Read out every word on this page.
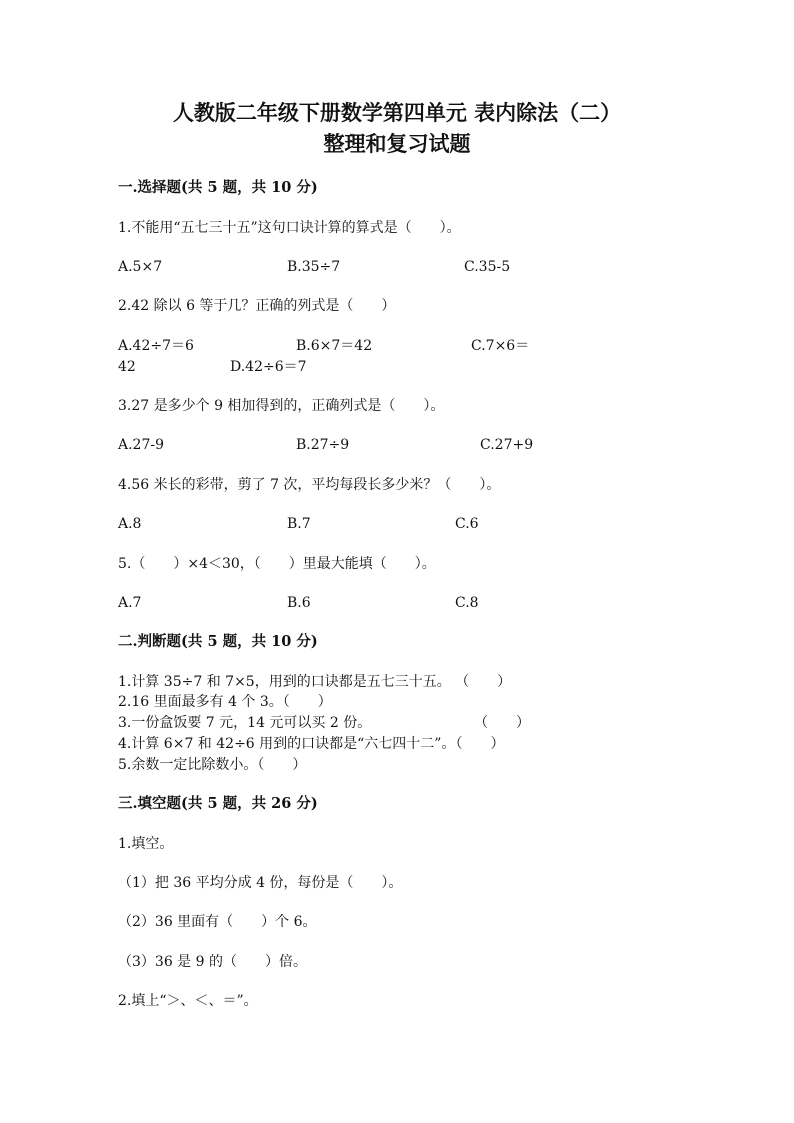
人教版二年级下册数学第四单元 表内除法（二）
整理和复习试题
一.选择题(共 5 题，共 10 分)
1.不能用“五七三十五”这句口诀计算的算式是（　　）。
A.5×7	B.35÷7	C.35-5
2.42 除以 6 等于几？正确的列式是（　　）
A.42÷7＝6	B.6×7＝42	C.7×6＝
42	D.42÷6＝7
3.27 是多少个 9 相加得到的，正确列式是（　　）。
A.27-9	B.27÷9	C.27+9
4.56 米长的彩带，剪了 7 次，平均每段长多少米？（　　）。
A.8	B.7	C.6
5.（　　）×4＜30，（　　）里最大能填（　　）。
A.7	B.6	C.8
二.判断题(共 5 题，共 10 分)
1.计算 35÷7 和 7×5，用到的口诀都是五七三十五。 （　　）
2.16 里面最多有 4 个 3。（　　）
3.一份盒饭要 7 元，14 元可以买 2 份。	（　　）
4.计算 6×7 和 42÷6 用到的口诀都是“六七四十二”。（　　）
5.余数一定比除数小。（　　）
三.填空题(共 5 题，共 26 分)
1.填空。
（1）把 36 平均分成 4 份，每份是（　　）。
（2）36 里面有（　　）个 6。
（3）36 是 9 的（　　）倍。
2.填上“＞、＜、＝”。
